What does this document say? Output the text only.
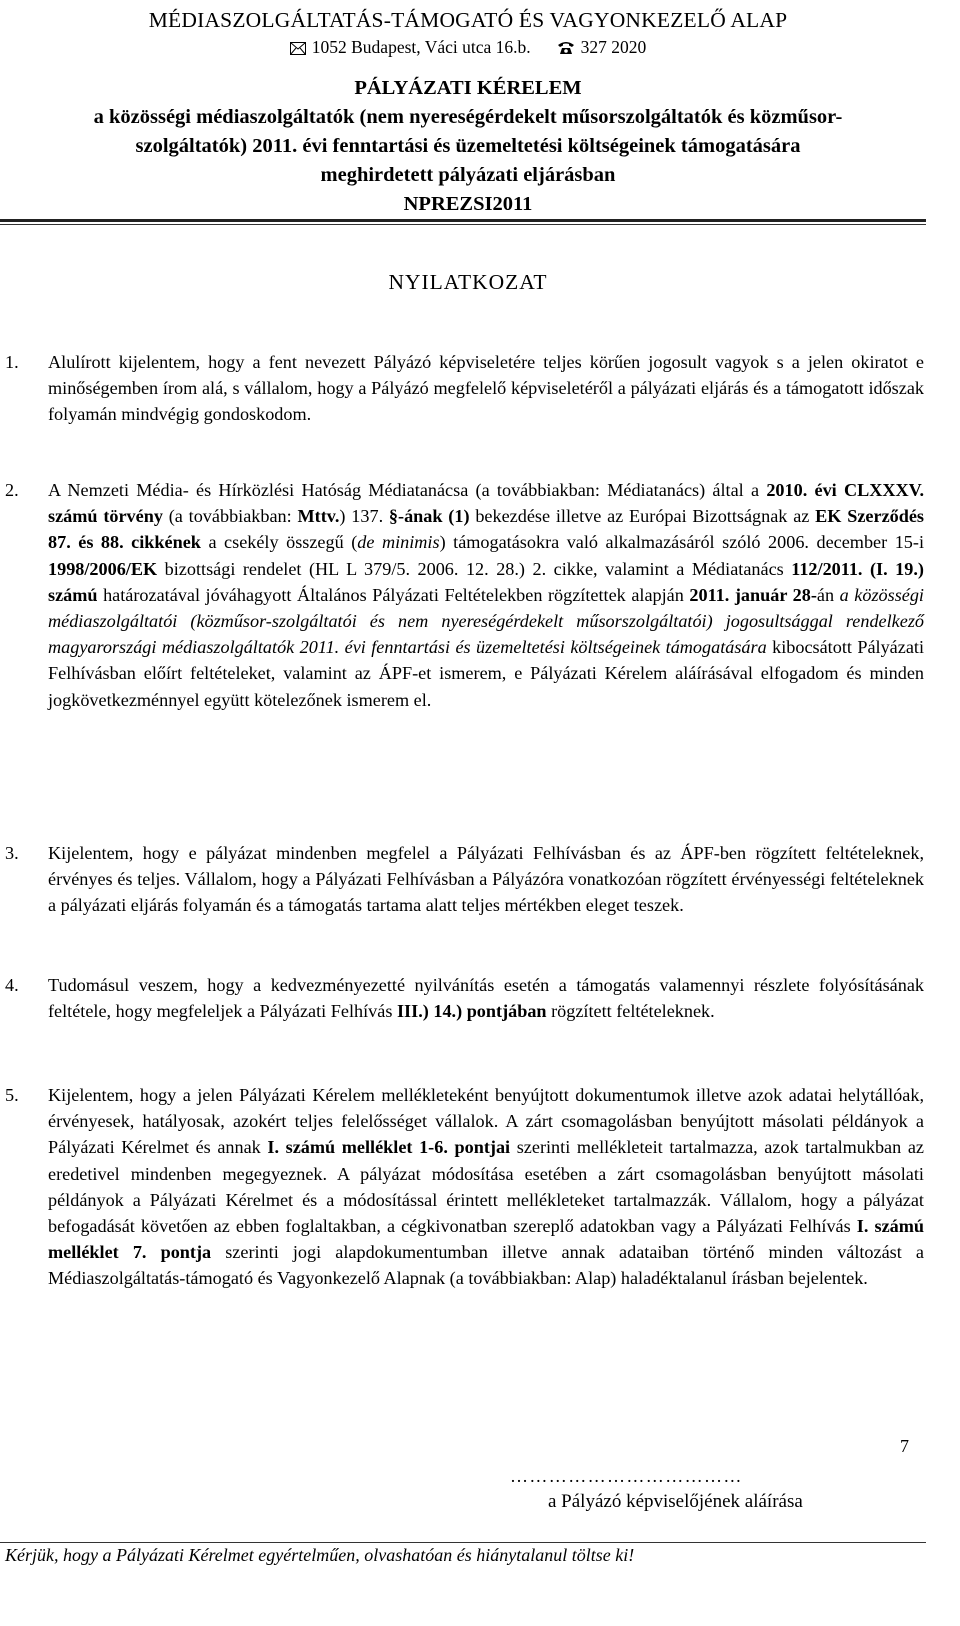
MÉDIASZOLGÁLTATÁS-TÁMOGATÓ ÉS VAGYONKEZELŐ ALAP
1052 Budapest, Váci utca 16.b.	327 2020
PÁLYÁZATI KÉRELEM
a közösségi médiaszolgáltatók (nem nyereségérdekelt műsorszolgáltatók és közműsor-
szolgáltatók) 2011. évi fenntartási és üzemeltetési költségeinek támogatására
meghirdetett pályázati eljárásban
NPREZSI2011
NYILATKOZAT
1. Alulírott kijelentem, hogy a fent nevezett Pályázó képviseletére teljes körűen jogosult vagyok s a jelen okiratot e minőségemben írom alá, s vállalom, hogy a Pályázó megfelelő képviseletéről a pályázati eljárás és a támogatott időszak folyamán mindvégig gondoskodom.

2. A Nemzeti Média- és Hírközlési Hatóság Médiatanácsa (a továbbiakban: Médiatanács) által a 2010. évi CLXXXV. számú törvény (a továbbiakban: Mttv.) 137. §-ának (1) bekezdése illetve az Európai Bizottságnak az EK Szerződés 87. és 88. cikkének a csekély összegű (de minimis) támogatásokra való alkalmazásáról szóló 2006. december 15-i 1998/2006/EK bizottsági rendelet (HL L 379/5. 2006. 12. 28.) 2. cikke, valamint a Médiatanács 112/2011. (I. 19.) számú határozatával jóváhagyott Általános Pályázati Feltételekben rögzítettek alapján 2011. január 28-án a közösségi médiaszolgáltatói (közműsor-szolgáltatói és nem nyereségérdekelt műsorszolgáltatói) jogosultsággal rendelkező magyarországi médiaszolgáltatók 2011. évi fenntartási és üzemeltetési költségeinek támogatására kibocsátott Pályázati Felhívásban előírt feltételeket, valamint az ÁPF-et ismerem, e Pályázati Kérelem aláírásával elfogadom és minden jogkövetkezménnyel együtt kötelezőnek ismerem el.

3. Kijelentem, hogy e pályázat mindenben megfelel a Pályázati Felhívásban és az ÁPF-ben rögzített feltételeknek, érvényes és teljes. Vállalom, hogy a Pályázati Felhívásban a Pályázóra vonatkozóan rögzített érvényességi feltételeknek a pályázati eljárás folyamán és a támogatás tartama alatt teljes mértékben eleget teszek.

4. Tudomásul veszem, hogy a kedvezményezetté nyilvánítás esetén a támogatás valamennyi részlete folyósításának feltétele, hogy megfeleljek a Pályázati Felhívás III.) 14.) pontjában rögzített feltételeknek.

5. Kijelentem, hogy a jelen Pályázati Kérelem mellékleteként benyújtott dokumentumok illetve azok adatai helytállóak, érvényesek, hatályosak, azokért teljes felelősséget vállalok. A zárt csomagolásban benyújtott másolati példányok a Pályázati Kérelmet és annak I. számú melléklet 1-6. pontjai szerinti mellékleteit tartalmazza, azok tartalmukban az eredetivel mindenben megegyeznek. A pályázat módosítása esetében a zárt csomagolásban benyújtott másolati példányok a Pályázati Kérelmet és a módosítással érintett mellékleteket tartalmazzák. Vállalom, hogy a pályázat befogadását követően az ebben foglaltakban, a cégkivonatban szereplő adatokban vagy a Pályázati Felhívás I. számú melléklet 7. pontja szerinti jogi alapdokumentumban illetve annak adataiban történő minden változást a Médiaszolgáltatás-támogató és Vagyonkezelő Alapnak (a továbbiakban: Alap) haladéktalanul írásban bejelentek.

7
………………………………
a Pályázó képviselőjének aláírása
Kérjük, hogy a Pályázati Kérelmet egyértelműen, olvashatóan és hiánytalanul töltse ki!
